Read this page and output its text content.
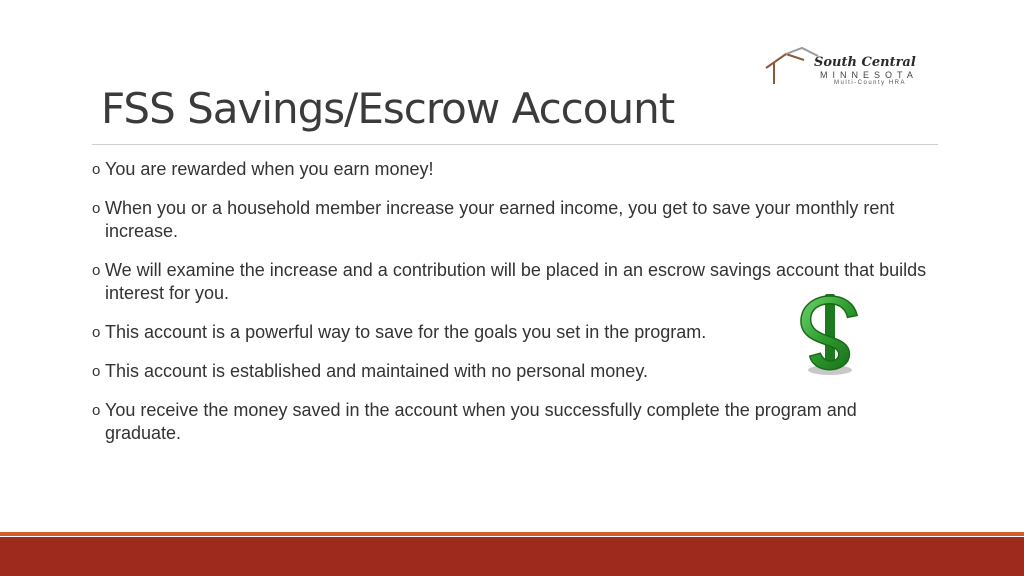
South Central
MINNESOTA
Multi-County HRA
FSS Savings/Escrow Account
o You are rewarded when you earn money!
o When you or a household member increase your earned income, you get to save your monthly rent increase.
o We will examine the increase and a contribution will be placed in an escrow savings account that builds interest for you.
o This account is a powerful way to save for the goals you set in the program.
o This account is established and maintained with no personal money.
o You receive the money saved in the account when you successfully complete the program and graduate.
